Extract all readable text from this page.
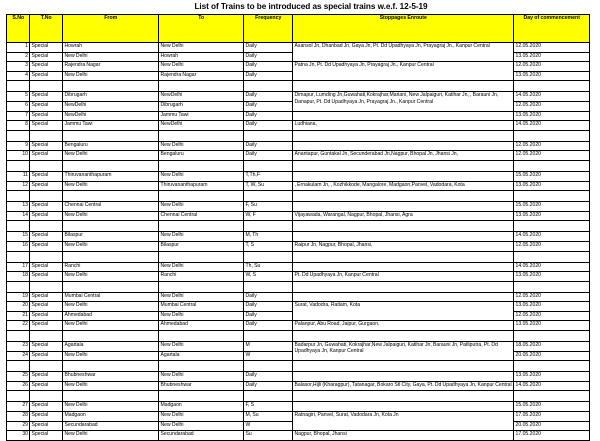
List of Trains to be introduced as special trains w.e.f. 12-5-19
S.No	T.No	From	To	Frequency	Stoppages Enroute	Day of commencement
1	Special	Howrah	New Delhi	Daily	Asansol Jn, Dhanbad Jn, Gaya Jn, Pt. Dd Upadhyaya Jn, Prayagraj Jn., Kanpur Central	12.05.2020
2	Special	New Delhi	Howrah	Daily		13.05.2020
3	Special	Rajendra Nagar	New Delhi	Daily	Patna Jn, Pt. Dd Upadhyaya Jn, Prayagraj Jn., Kanpur Central	12.05.2020
4	Special	New Delhi	Rajendra Nagar	Daily		13.05.2020

5	Special	Dibrugarh	NewDelhi	Daily	Dimapur, Lumding Jn,Guwahati,Kokrajhar,Mariani, New Jalpaiguri, Katihar Jn, , Barauni Jn, Danapur, Pt. Dd Upadhyaya Jn, Prayagraj Jn., Kanpur Central	14.05.2020
6	Special	NewDelhi	Dibrugarh	Daily		12.05.2020
7	Special	NewDelhi	Jammu Tawi	Daily		13.05.2020
8	Special	Jammu Tawi	NewDelhi	Daily	Ludhiana,	14.05.2020

9	Special	Bengaluru	New Delhi	Daily		12.05.2020
10	Special	New Delhi	Bengaluru	Daily	Anantapur, Guntakal Jn, Secunderabad Jn,Nagpur, Bhopal Jn, Jhansi Jn,	12.05.2020

11	Special	Thiruvananthapuram	New Delhi	T,Th,F		15.05.2020
12	Special	New Delhi	Thiruvananthapuram	T, W, Su	, Ernakulam Jn, , Kozhikkode, Mangalore, Madgaon,Panvel, Vadodara, Kota	13.05.2020

13	Special	Chennai Central	New Delhi	F, Su		15.05.2020
14	Special	New Delhi	Chennai Central	W, F	Vijayawada, Warangal, Nagpur, Bhopal, Jhansi, Agra	13.05.2020

15	Special	Bilaspur	New Delhi	M, Th		14.05.2020
16	Special	New Delhi	Bilaspur	T, S	Raipur Jn, Nagpur, Bhopal, Jhansi,	12.05.2020

17	Special	Ranchi	New Delhi	Th, Su		14.05.2020
18	Special	New Delhi	Ranchi	W, S	Pt. Dd Upadhyaya Jn, Kanpur Central	13.05.2020

19	Special	Mumbai Central	New Delhi	Daily		12.05.2020
20	Special	New Delhi	Mumbai Central	Daily	Surat, Vadodra, Ratlam, Kota	13.05.2020
21	Special	Ahmedabad	New Delhi	Daily		12.05.2020
22	Special	New Delhi	Ahmedabad	Daily	Palanpur, Abu Road, Jaipur, Gurgaon,	13.05.2020

23	Special	Agartala	New Delhi	M	Badarpur Jn, Guwahati, Kokrajhar,New Jalpaiguri, Katihar Jn, Barauni Jn, Patliputra, Pt. Dd Upadhyaya Jn, Kanpur Central	18.05.2020
24	Special	New Delhi	Agartala	W		20.05.2020

25	Special	Bhubneshwar	New Delhi	Daily		13.05.2020
26	Special	New Delhi	Bhubneshwar	Daily	Balasor,Hijli (Kharagpur), Tatanagar, Bokaro Stl City, Gaya, Pt. Dd Upadhyaya Jn, Kanpur Central	14.05.2020

27	Special	New Delhi	Madgaon	F, S		15.05.2020
28	Special	Madgaon	New Delhi	M, Su	Ratnagiri, Panvel, Surat, Vadodara Jn, Kota Jn	17.05.2020
29	Special	Secundarabad	New Delhi	W		20.05.2020
30	Special	New Delhi	Secundarabad	Su	Nagpur, Bhopal, Jhansi	17.05.2020
